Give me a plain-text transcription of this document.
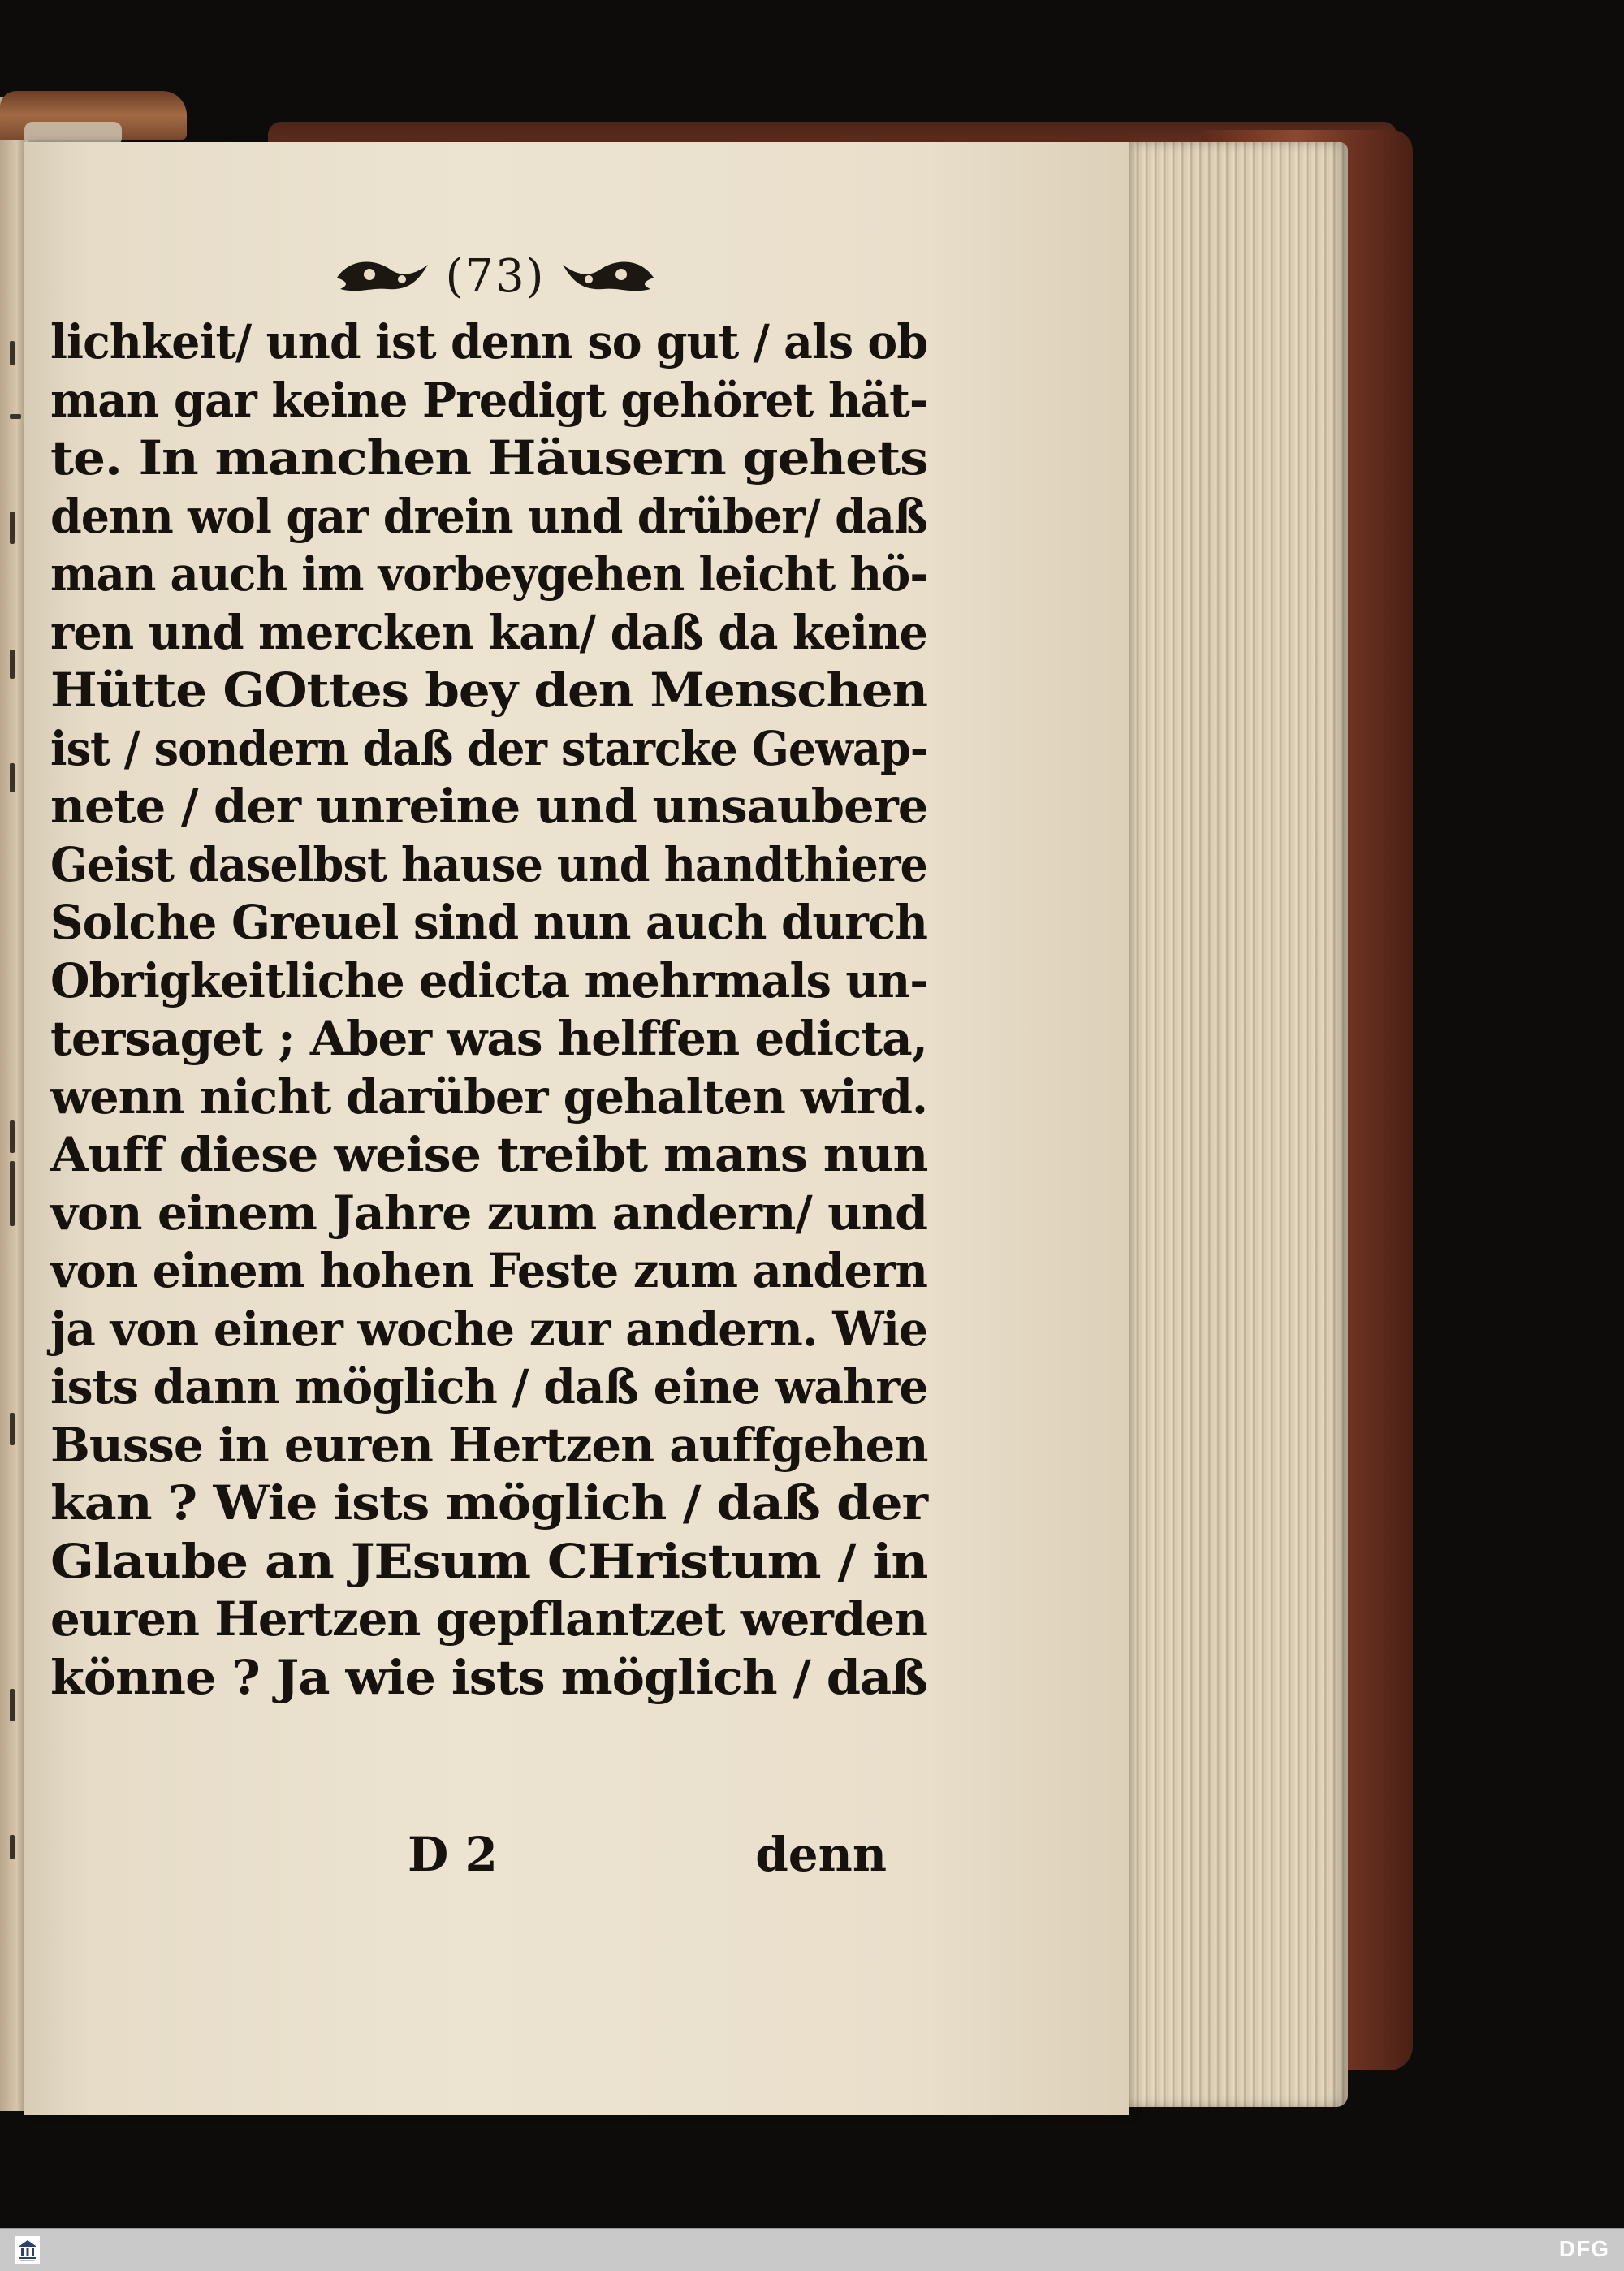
(73)
lichkeit/ und ist denn so gut / als ob
man gar keine Predigt gehöret hät-
te. In manchen Häusern gehets
denn wol gar drein und drüber/ daß
man auch im vorbeygehen leicht hö-
ren und mercken kan/ daß da keine
Hütte GOttes bey den Menschen
ist / sondern daß der starcke Gewap-
nete / der unreine und unsaubere
Geist daselbst hause und handthiere
Solche Greuel sind nun auch durch
Obrigkeitliche edicta mehrmals un-
tersaget ; Aber was helffen edicta,
wenn nicht darüber gehalten wird.
Auff diese weise treibt mans nun
von einem Jahre zum andern/ und
von einem hohen Feste zum andern
ja von einer woche zur andern. Wie
ists dann möglich / daß eine wahre
Busse in euren Hertzen auffgehen
kan ? Wie ists möglich / daß der
Glaube an JEsum CHristum / in
euren Hertzen gepflantzet werden
könne ? Ja wie ists möglich / daß
D 2	denn
DFG
